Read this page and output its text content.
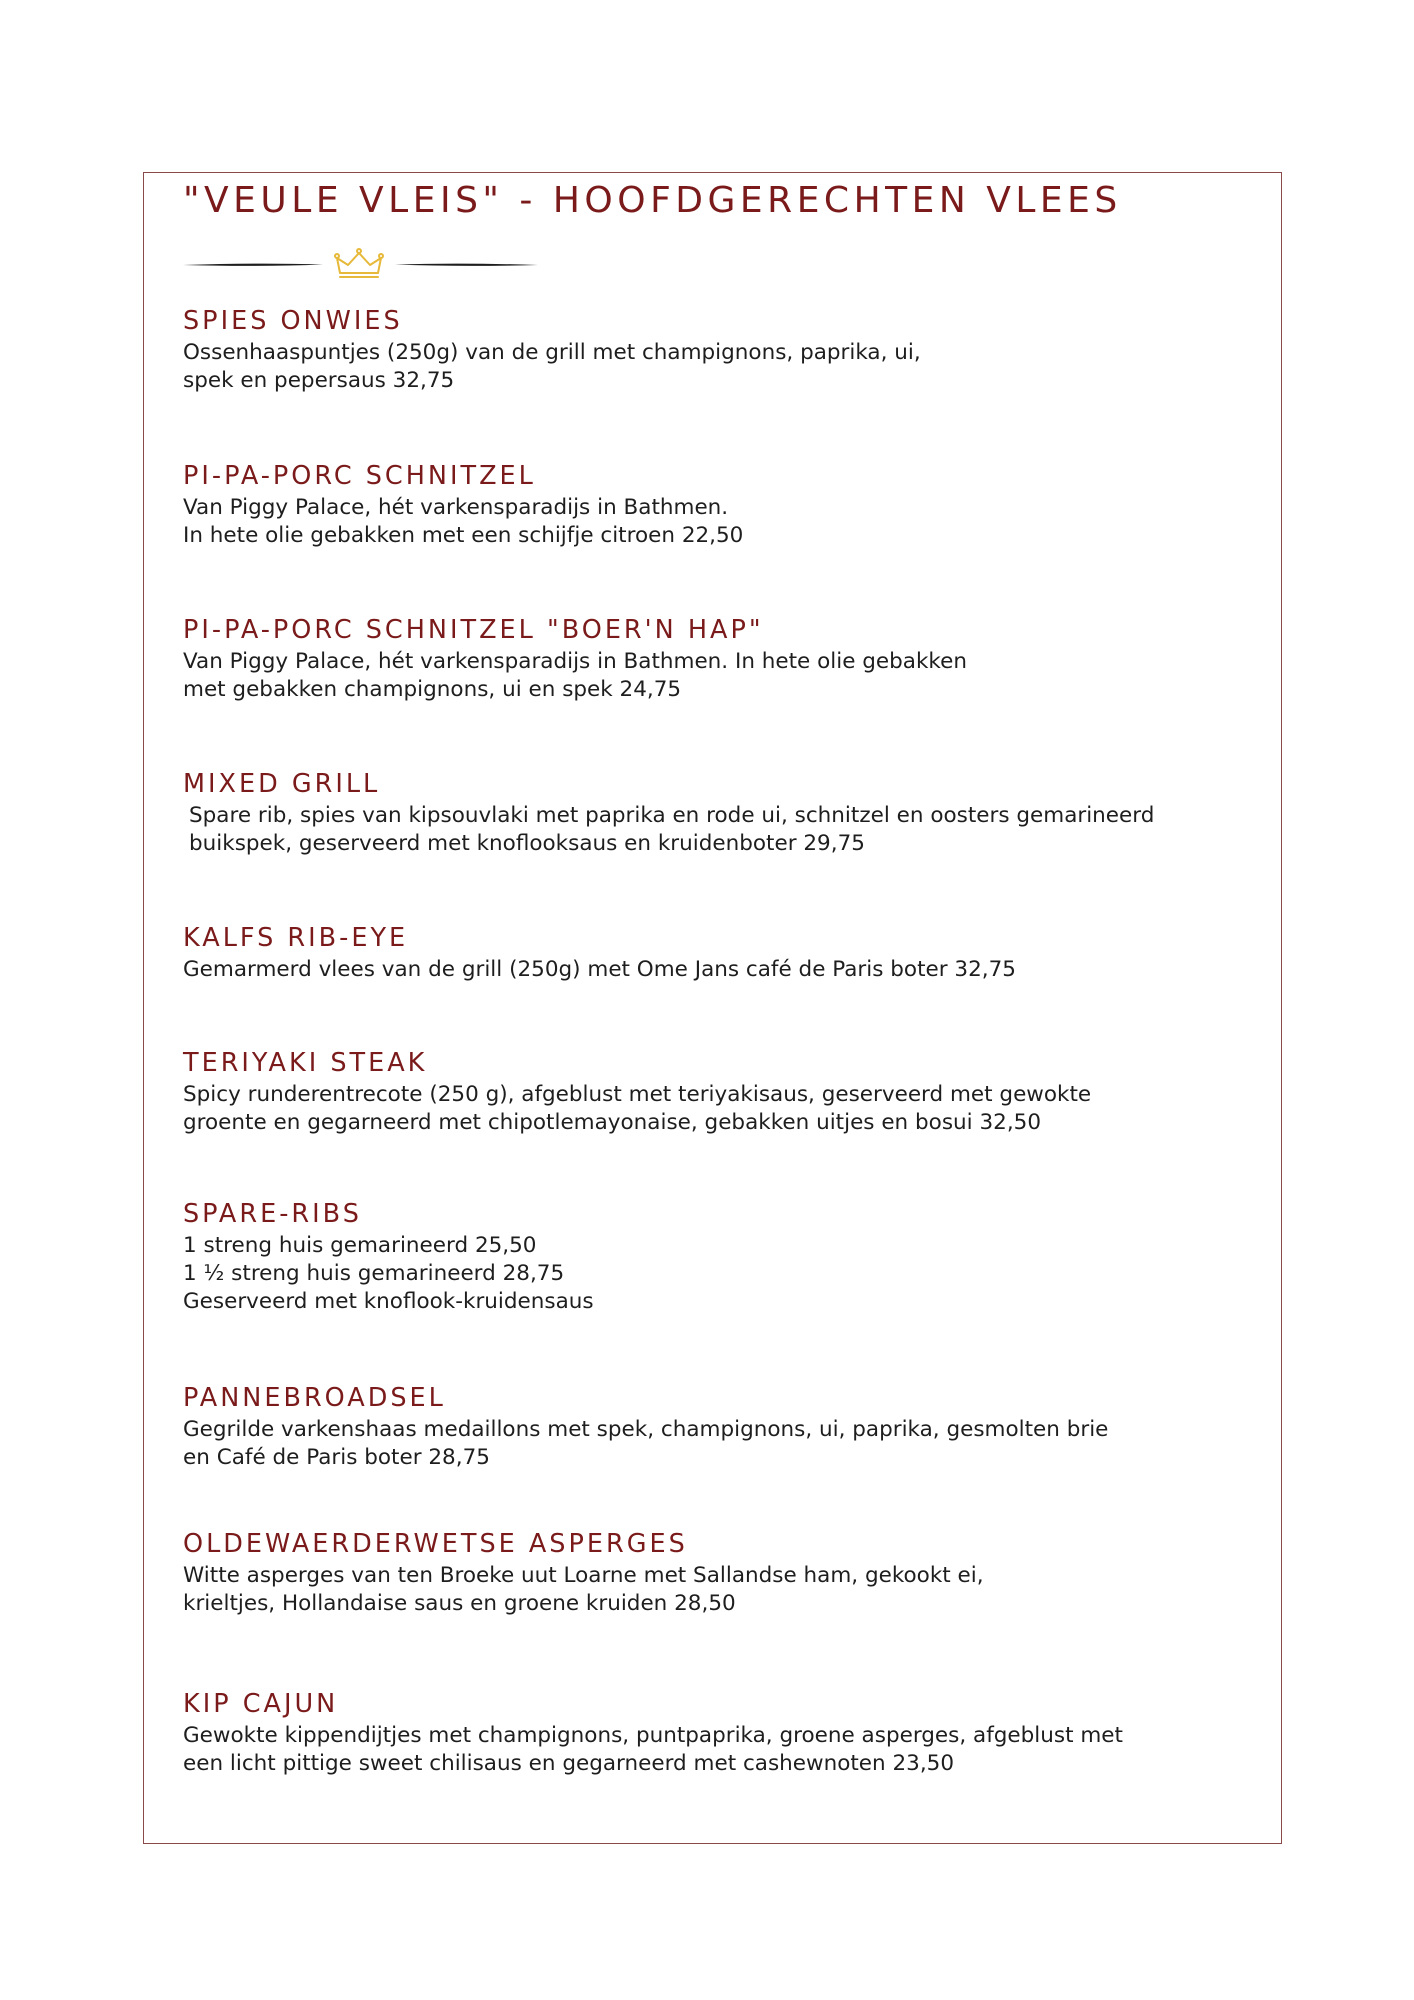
"VEULE VLEIS" - HOOFDGERECHTEN VLEES
SPIES ONWIES

Ossenhaaspuntjes (250g) van de grill met champignons, paprika, ui,

spek en pepersaus 32,75

PI-PA-PORC SCHNITZEL

Van Piggy Palace, hét varkensparadijs in Bathmen.

In hete olie gebakken met een schijfje citroen 22,50

PI-PA-PORC SCHNITZEL "BOER'N HAP"

Van Piggy Palace, hét varkensparadijs in Bathmen. In hete olie gebakken

met gebakken champignons, ui en spek 24,75

MIXED GRILL

Spare rib, spies van kipsouvlaki met paprika en rode ui, schnitzel en oosters gemarineerd

buikspek, geserveerd met knoflooksaus en kruidenboter 29,75

KALFS RIB-EYE

Gemarmerd vlees van de grill (250g) met Ome Jans café de Paris boter 32,75

TERIYAKI STEAK

Spicy runderentrecote (250 g), afgeblust met teriyakisaus, geserveerd met gewokte

groente en gegarneerd met chipotlemayonaise, gebakken uitjes en bosui 32,50

SPARE-RIBS

1 streng huis gemarineerd 25,50

1 ½ streng huis gemarineerd 28,75

Geserveerd met knoflook-kruidensaus

PANNEBROADSEL

Gegrilde varkenshaas medaillons met spek, champignons, ui, paprika, gesmolten brie

en Café de Paris boter 28,75

OLDEWAERDERWETSE ASPERGES

Witte asperges van ten Broeke uut Loarne met Sallandse ham, gekookt ei,

krieltjes, Hollandaise saus en groene kruiden 28,50

KIP CAJUN

Gewokte kippendijtjes met champignons, puntpaprika, groene asperges, afgeblust met

een licht pittige sweet chilisaus en gegarneerd met cashewnoten 23,50
